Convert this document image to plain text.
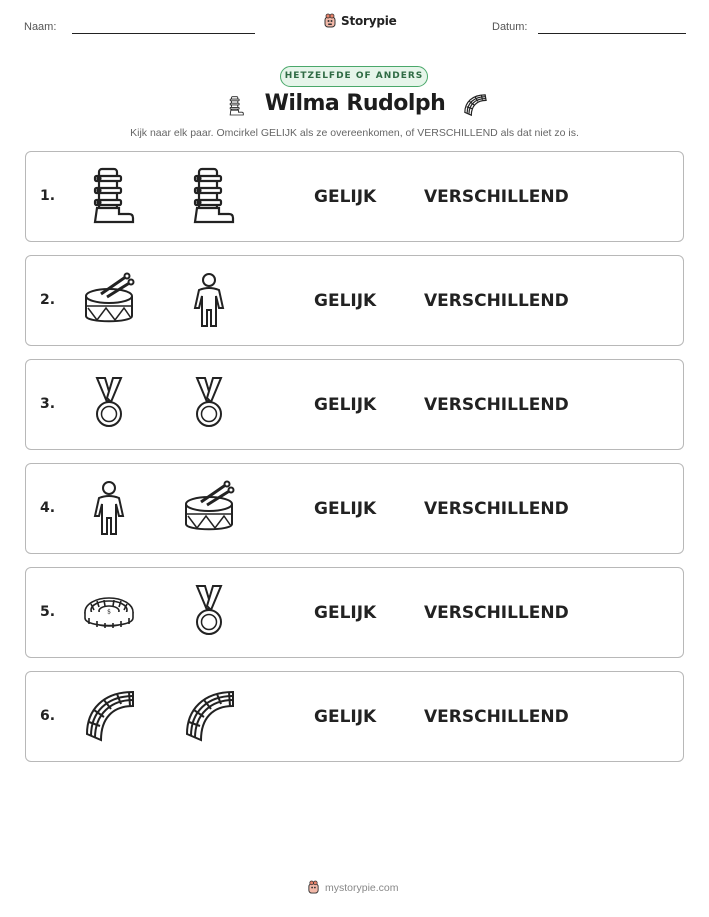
Naam:	Storypie	Datum:
HETZELFDE OF ANDERS
Wilma Rudolph
Kijk naar elk paar. Omcirkel GELIJK als ze overeenkomen, of VERSCHILLEND als dat niet zo is.
1.	GELIJK	VERSCHILLEND
2.	GELIJK	VERSCHILLEND
3.	GELIJK	VERSCHILLEND
4.	GELIJK	VERSCHILLEND
5.	$	GELIJK	VERSCHILLEND
6.	GELIJK	VERSCHILLEND
mystorypie.com
